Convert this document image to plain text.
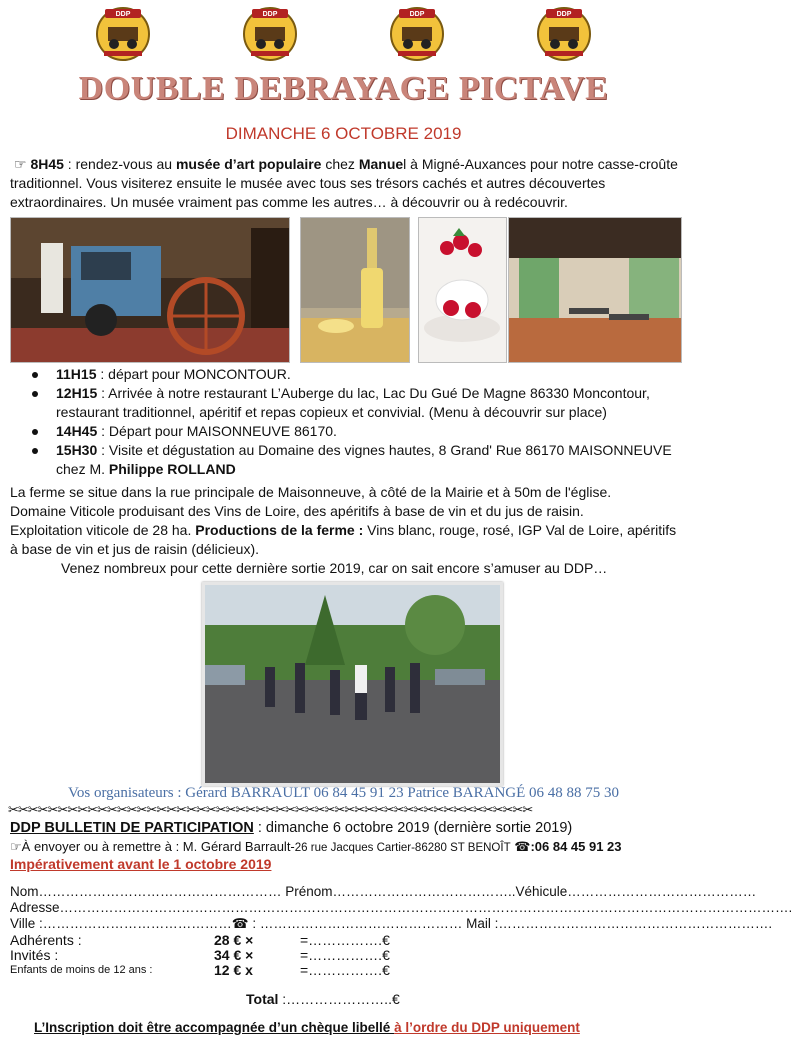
DDP	DDP	DDP	DDP
DOUBLE DEBRAYAGE PICTAVE
DIMANCHE 6 OCTOBRE 2019
☞ 8H45 : rendez-vous au musée d’art populaire chez Manuel à Migné-Auxances pour notre casse-croûte traditionnel. Vous visiterez ensuite le musée avec tous ses trésors cachés et autres découvertes extraordinaires. Un musée vraiment pas comme les autres… à découvrir ou à redécouvrir.
11H15 : départ pour MONCONTOUR.
12H15 : Arrivée à notre restaurant L’Auberge du lac, Lac Du Gué De Magne 86330 Moncontour, restaurant traditionnel, apéritif et repas copieux et convivial. (Menu à découvrir sur place)
14H45 : Départ pour MAISONNEUVE 86170.
15H30 : Visite et dégustation au Domaine des vignes hautes, 8 Grand' Rue 86170 MAISONNEUVE chez M. Philippe ROLLAND
La ferme se situe dans la rue principale de Maisonneuve, à côté de la Mairie et à 50m de l'église.
Domaine Viticole produisant des Vins de Loire, des apéritifs à base de vin et du jus de raisin.
Exploitation viticole de 28 ha. Productions de la ferme : Vins blanc, rouge, rosé, IGP Val de Loire, apéritifs à base de vin et jus de raisin (délicieux).
Venez nombreux pour cette dernière sortie 2019, car on sait encore s’amuser au DDP…
Vos organisateurs : Gérard BARRAULT 06 84 45 91 23 Patrice BARANGÉ 06 48 88 75 30
✂✂✂✂✂✂✂✂✂✂✂✂✂✂✂✂✂✂✂✂✂✂✂✂✂✂✂✂✂✂✂✂✂✂✂✂✂✂✂✂✂✂✂✂✂✂✂✂✂✂✂✂✂
DDP BULLETIN DE PARTICIPATION : dimanche 6 octobre 2019 (dernière sortie 2019)
☞À envoyer ou à remettre à : M. Gérard Barrault-26 rue Jacques Cartier-86280 ST BENOÎT ☎:06 84 45 91 23
Impérativement avant le 1 octobre 2019
Nom……………………………………………… Prénom…………………………………..Véhicule……………………………………
Adresse……………………………………………………………………………………………………………………………………………….
Ville :……………………………………☎ : ……………………………………… Mail :…………………………………………………….
Adhérents :	28 € ×	=…………….€
Invités :	34 € ×	=…………….€
Enfants de moins de 12 ans :	12 € x	=…………….€
Total :…………………..€
L’Inscription doit être accompagnée d’un chèque libellé à l’ordre du DDP uniquement
